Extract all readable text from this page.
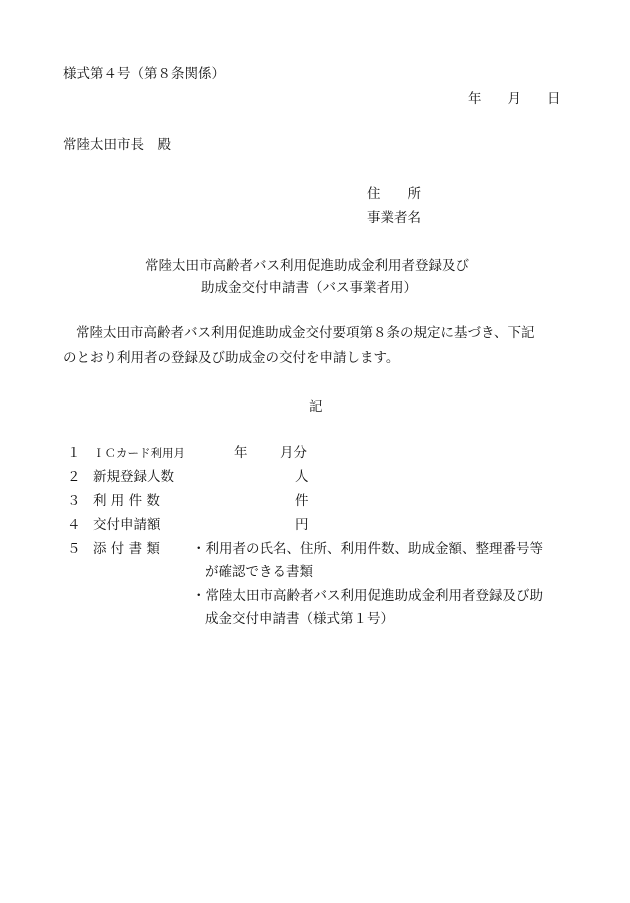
様式第４号（第８条関係）
年 月 日
常陸太田市長　殿
住　　所
事業者名
常陸太田市高齢者バス利用促進助成金利用者登録及び
助成金交付申請書（バス事業者用）
常陸太田市高齢者バス利用促進助成金交付要項第８条の規定に基づき、下記
のとおり利用者の登録及び助成金の交付を申請します。
記
１ ＩＣカード利用月	年 月分
２ 新規登録人数	人
３ 利 用 件 数	件
４ 交付申請額	円
５ 添 付 書 類 ・利用者の氏名、住所、利用件数、助成金額、整理番号等
が確認できる書類
・常陸太田市高齢者バス利用促進助成金利用者登録及び助
成金交付申請書（様式第１号）
